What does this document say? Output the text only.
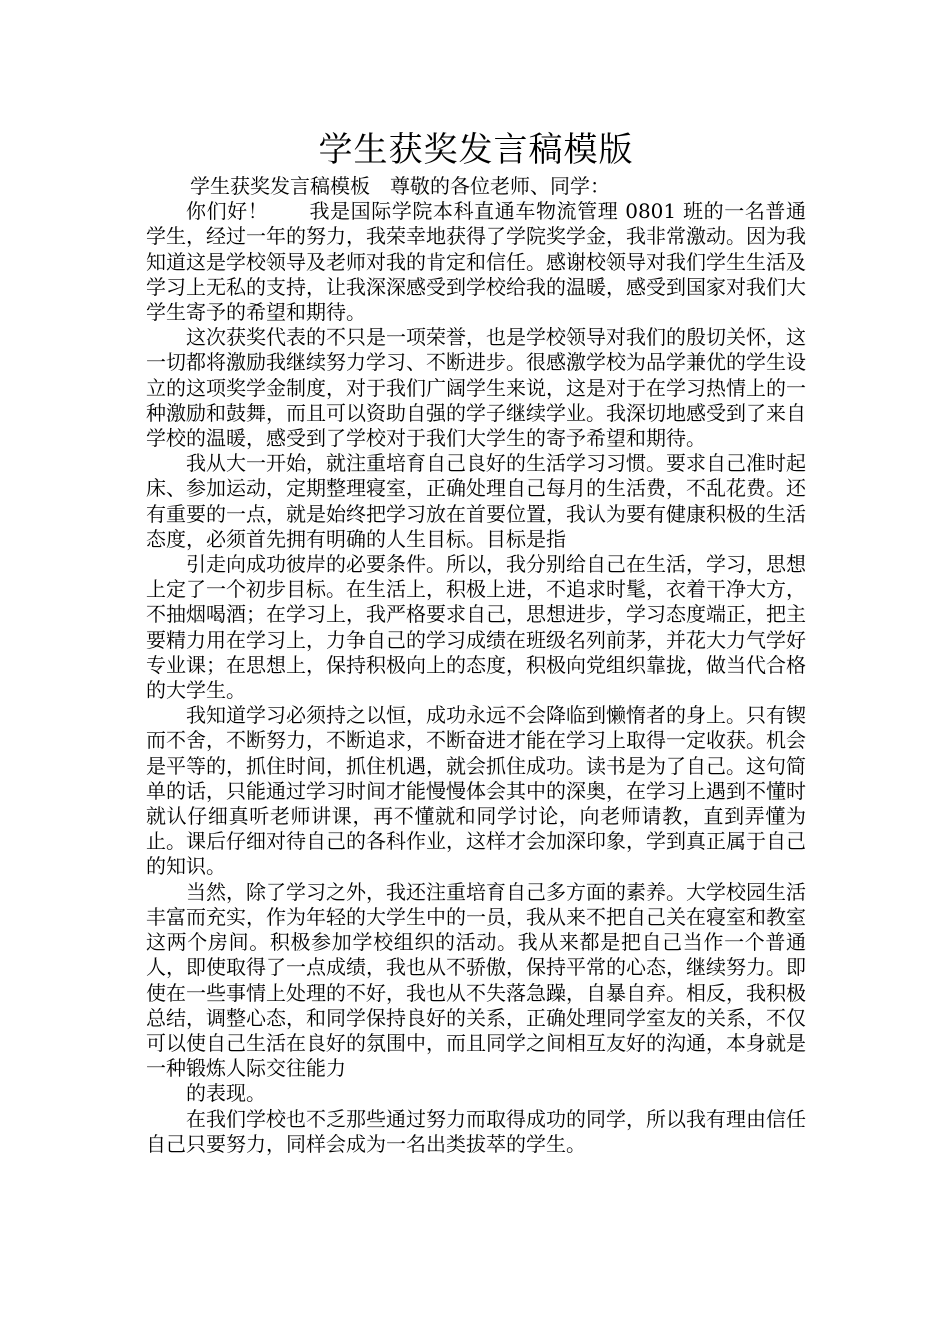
学生获奖发言稿模版

学生获奖发言稿模板　尊敬的各位老师、同学：

你们好！　　我是国际学院本科直通车物流管理 0801 班的一名普通学生，经过一年的努力，我荣幸地获得了学院奖学金，我非常激动。因为我知道这是学校领导及老师对我的肯定和信任。感谢校领导对我们学生生活及学习上无私的支持，让我深深感受到学校给我的温暖，感受到国家对我们大学生寄予的希望和期待。

这次获奖代表的不只是一项荣誉，也是学校领导对我们的殷切关怀，这一切都将激励我继续努力学习、不断进步。很感激学校为品学兼优的学生设立的这项奖学金制度，对于我们广阔学生来说，这是对于在学习热情上的一种激励和鼓舞，而且可以资助自强的学子继续学业。我深切地感受到了来自学校的温暖，感受到了学校对于我们大学生的寄予希望和期待。

我从大一开始，就注重培育自己良好的生活学习习惯。要求自己准时起床、参加运动，定期整理寝室，正确处理自己每月的生活费，不乱花费。还有重要的一点，就是始终把学习放在首要位置，我认为要有健康积极的生活态度，必须首先拥有明确的人生目标。目标是指

引走向成功彼岸的必要条件。所以，我分别给自己在生活，学习，思想上定了一个初步目标。在生活上，积极上进，不追求时髦，衣着干净大方，不抽烟喝酒；在学习上，我严格要求自己，思想进步，学习态度端正，把主要精力用在学习上，力争自己的学习成绩在班级名列前茅，并花大力气学好专业课；在思想上，保持积极向上的态度，积极向党组织靠拢，做当代合格的大学生。

我知道学习必须持之以恒，成功永远不会降临到懒惰者的身上。只有锲而不舍，不断努力，不断追求，不断奋进才能在学习上取得一定收获。机会是平等的，抓住时间，抓住机遇，就会抓住成功。读书是为了自己。这句简单的话，只能通过学习时间才能慢慢体会其中的深奥，在学习上遇到不懂时就认仔细真听老师讲课，再不懂就和同学讨论，向老师请教，直到弄懂为止。课后仔细对待自己的各科作业，这样才会加深印象，学到真正属于自己的知识。

当然，除了学习之外，我还注重培育自己多方面的素养。大学校园生活丰富而充实，作为年轻的大学生中的一员，我从来不把自己关在寝室和教室这两个房间。积极参加学校组织的活动。我从来都是把自己当作一个普通人，即使取得了一点成绩，我也从不骄傲，保持平常的心态，继续努力。即使在一些事情上处理的不好，我也从不失落急躁，自暴自弃。相反，我积极总结，调整心态，和同学保持良好的关系，正确处理同学室友的关系，不仅可以使自己生活在良好的氛围中，而且同学之间相互友好的沟通，本身就是一种锻炼人际交往能力

的表现。

在我们学校也不乏那些通过努力而取得成功的同学，所以我有理由信任自己只要努力，同样会成为一名出类拔萃的学生。
